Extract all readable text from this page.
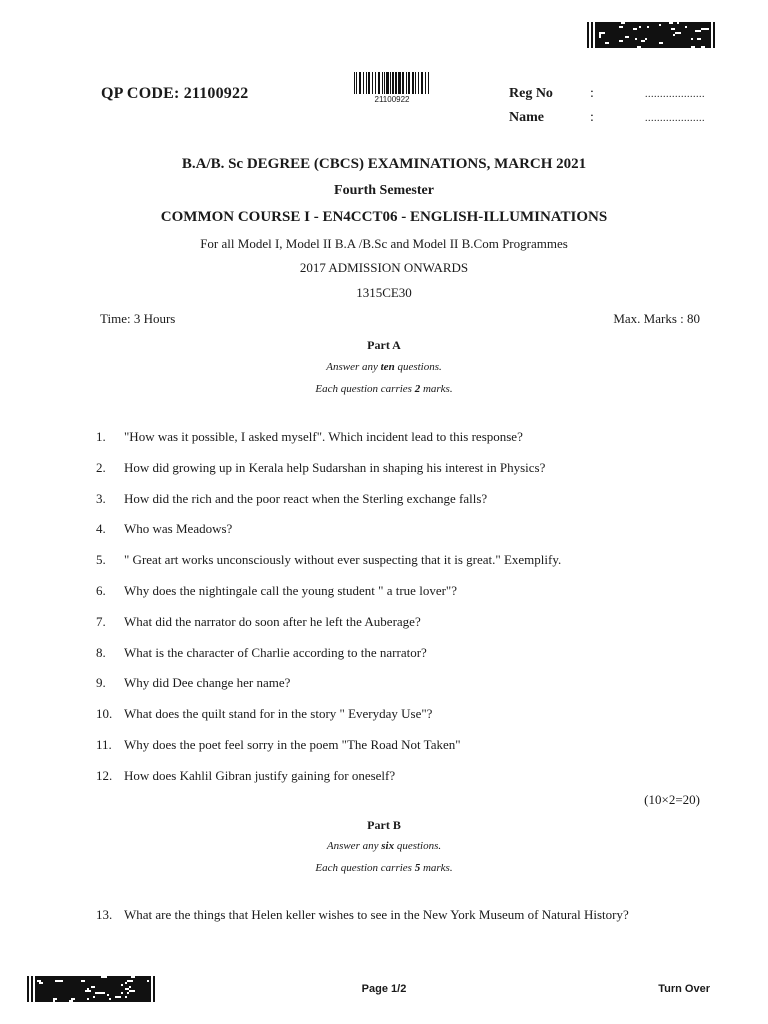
QP CODE: 21100922	21100922	Reg No	:	....................
Name	:	....................
B.A/B. Sc DEGREE (CBCS) EXAMINATIONS, MARCH 2021
Fourth Semester
COMMON COURSE I - EN4CCT06 - ENGLISH-ILLUMINATIONS
For all Model I, Model II B.A /B.Sc and Model II B.Com Programmes
2017 ADMISSION ONWARDS
1315CE30
Time: 3 Hours	Max. Marks : 80
Part A
Answer any ten questions.
Each question carries 2 marks.
1. "How was it possible, I asked myself". Which incident lead to this response?
2. How did growing up in Kerala help Sudarshan in shaping his interest in Physics?
3. How did the rich and the poor react when the Sterling exchange falls?
4. Who was Meadows?
5. " Great art works unconsciously without ever suspecting that it is great." Exemplify.
6. Why does the nightingale call the young student " a true lover"?
7. What did the narrator do soon after he left the Auberage?
8. What is the character of Charlie according to the narrator?
9. Why did Dee change her name?
10. What does the quilt stand for in the story " Everyday Use"?
11. Why does the poet feel sorry in the poem "The Road Not Taken"
12. How does Kahlil Gibran justify gaining for oneself?
(10×2=20)
Part B
Answer any six questions.
Each question carries 5 marks.
13. What are the things that Helen keller wishes to see in the New York Museum of Natural History?
Page 1/2	Turn Over
